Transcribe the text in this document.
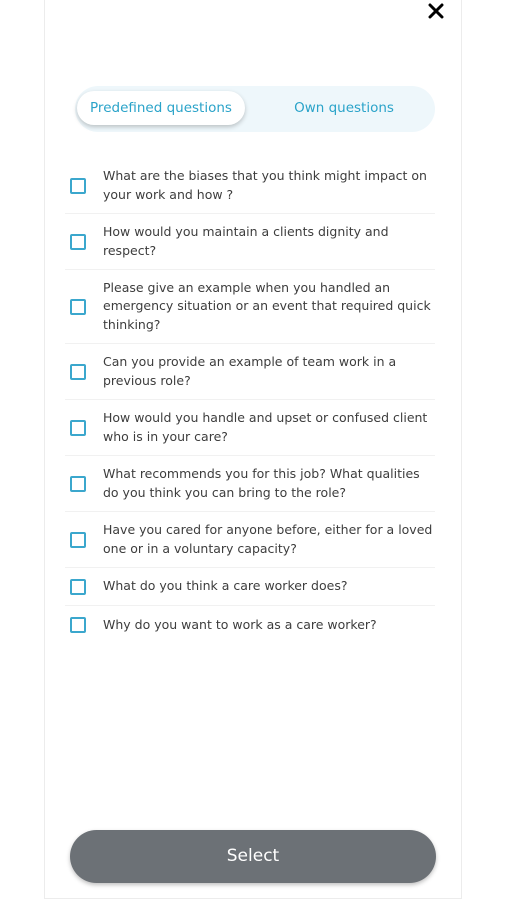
Predefined questions	Own questions
What are the biases that you think might impact on your work and how ?
How would you maintain a clients dignity and respect?
Please give an example when you handled an emergency situation or an event that required quick thinking?
Can you provide an example of team work in a previous role?
How would you handle and upset or confused client who is in your care?
What recommends you for this job? What qualities do you think you can bring to the role?
Have you cared for anyone before, either for a loved one or in a voluntary capacity?
What do you think a care worker does?
Why do you want to work as a care worker?
Select
